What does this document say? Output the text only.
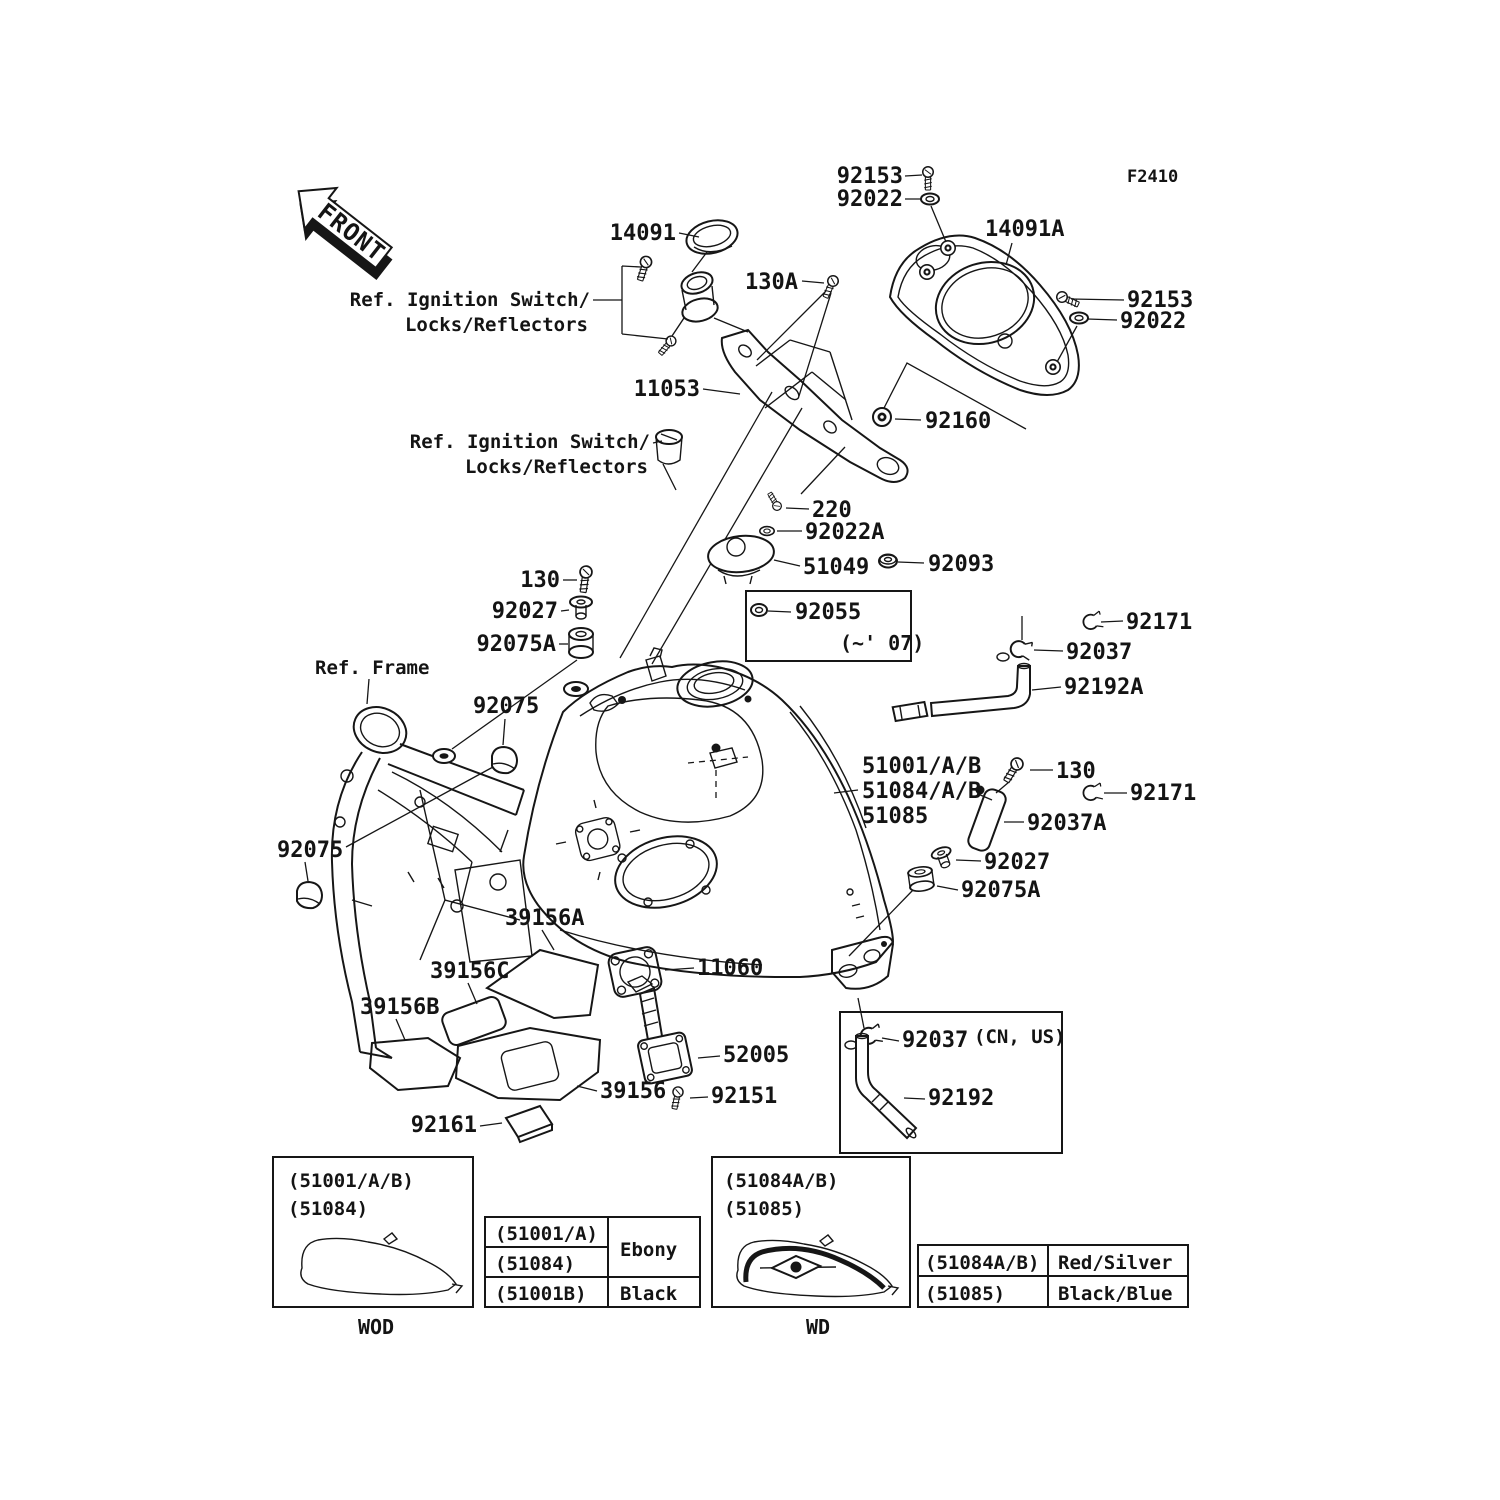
FRONT
F2410
92153
92022
14091	14091A
130A
92153
92022
Ref. Ignition Switch/
Locks/Reflectors
11053
92160
Ref. Ignition Switch/
Locks/Reflectors
220
92022A
51049	92093
92055
(~' 07)
92171
92037
92192A
130
92027
92075A
Ref. Frame
92075
92075
51001/A/B
51084/A/B
51085
130
92171
92037A
92027
92075A
39156A
39156C
39156B
11060
52005
39156 92151
92161
92037 (CN, US)
92192
(51001/A/B)
(51084)
WOD
(51084A/B)
(51085)
WD
(51001/A)
(51084)
(51001B)
Ebony
Black
(51084A/B)
(51085)
Red/Silver
Black/Blue
